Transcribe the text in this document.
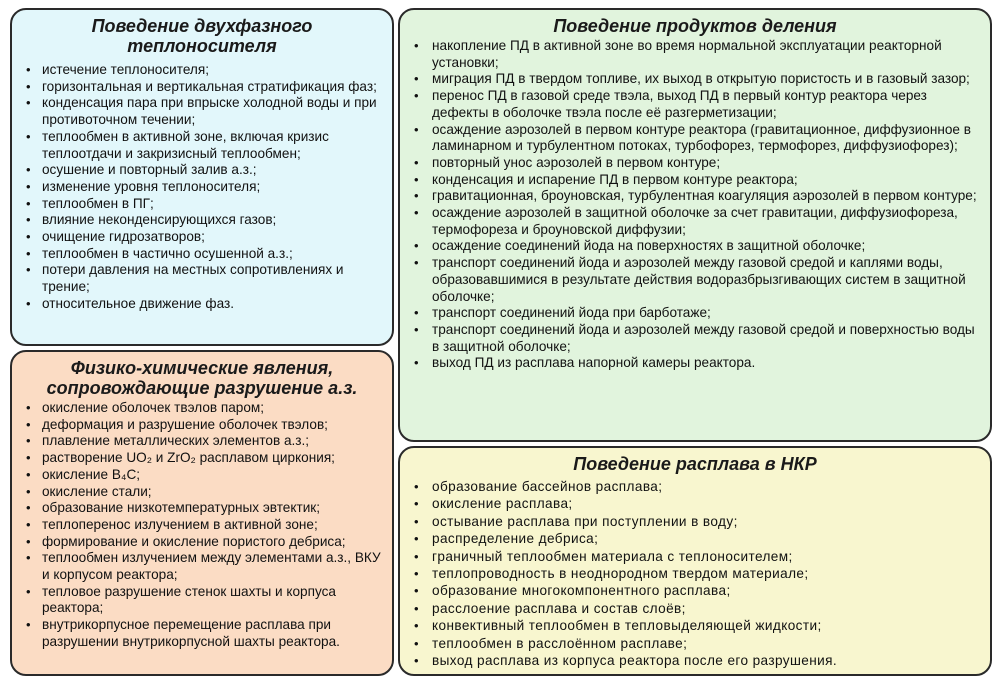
Поведение двухфазного теплоносителя
• истечение теплоносителя;
• горизонтальная и вертикальная стратификация фаз;
• конденсация пара при впрыске холодной воды и при противоточном течении;
• теплообмен в активной зоне, включая кризис теплоотдачи и закризисный теплообмен;
• осушение и повторный залив а.з.;
• изменение уровня теплоносителя;
• теплообмен в ПГ;
• влияние неконденсирующихся газов;
• очищение гидрозатворов;
• теплообмен в частично осушенной а.з.;
• потери давления на местных сопротивлениях и трение;
• относительное движение фаз.
Физико-химические явления, сопровождающие разрушение а.з.
• окисление оболочек твэлов паром;
• деформация и разрушение оболочек твэлов;
• плавление металлических элементов а.з.;
• растворение UO₂ и ZrO₂ расплавом циркония;
• окисление B₄C;
• окисление стали;
• образование низкотемпературных эвтектик;
• теплоперенос излучением в активной зоне;
• формирование и окисление пористого дебриса;
• теплообмен излучением между элементами а.з., ВКУ и корпусом реактора;
• тепловое разрушение стенок шахты и корпуса реактора;
• внутрикорпусное перемещение расплава при разрушении внутрикорпусной шахты реактора.
Поведение продуктов деления
• накопление ПД в активной зоне во время нормальной эксплуатации реакторной установки;
• миграция ПД в твердом топливе, их выход в открытую пористость и в газовый зазор;
• перенос ПД в газовой среде твэла, выход ПД в первый контур реактора через дефекты в оболочке твэла после её разгерметизации;
• осаждение аэрозолей в первом контуре реактора (гравитационное, диффузионное в ламинарном и турбулентном потоках, турбофорез, термофорез, диффузиофорез);
• повторный унос аэрозолей в первом контуре;
• конденсация и испарение ПД в первом контуре реактора;
• гравитационная, броуновская, турбулентная коагуляция аэрозолей в первом контуре;
• осаждение аэрозолей в защитной оболочке за счет гравитации, диффузиофореза, термофореза и броуновской диффузии;
• осаждение соединений йода на поверхностях в защитной оболочке;
• транспорт соединений йода и аэрозолей между газовой средой и каплями воды, образовавшимися в результате действия водоразбрызгивающих систем в защитной оболочке;
• транспорт соединений йода при барботаже;
• транспорт соединений йода и аэрозолей между газовой средой и поверхностью воды в защитной оболочке;
• выход ПД из расплава напорной камеры реактора.
Поведение расплава в НКР
• образование бассейнов расплава;
• окисление расплава;
• остывание расплава при поступлении в воду;
• распределение дебриса;
• граничный теплообмен материала с теплоносителем;
• теплопроводность в неоднородном твердом материале;
• образование многокомпонентного расплава;
• расслоение расплава и состав слоёв;
• конвективный теплообмен в тепловыделяющей жидкости;
• теплообмен в расслоённом расплаве;
• выход расплава из корпуса реактора после его разрушения.
